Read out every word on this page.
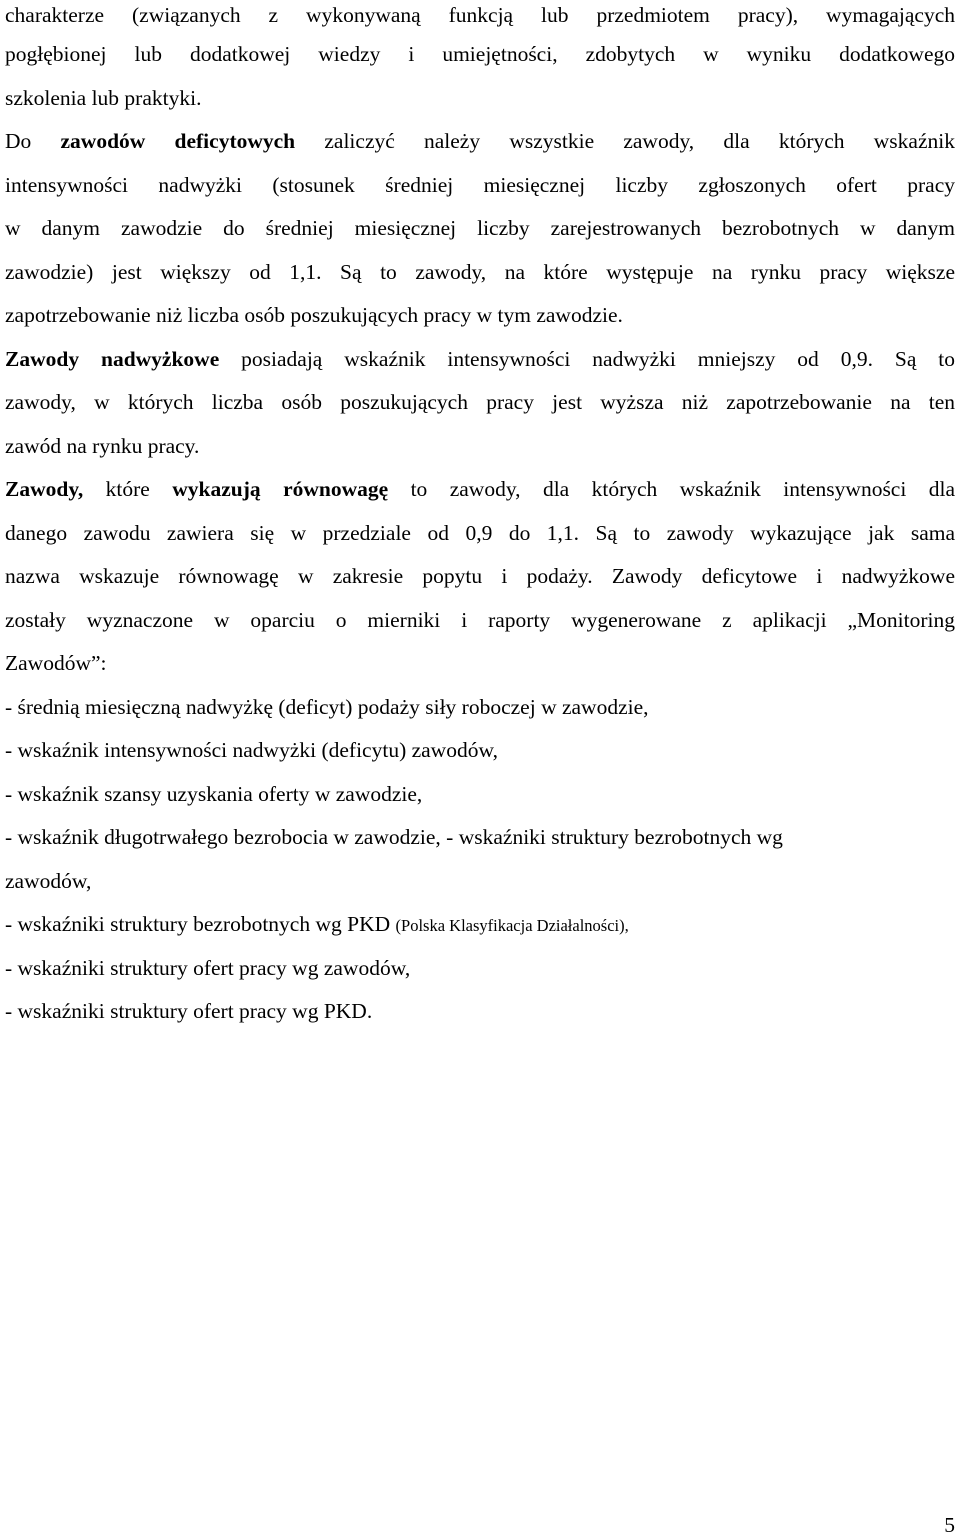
charakterze (związanych z wykonywaną funkcją lub przedmiotem pracy), wymagających
pogłębionej lub dodatkowej wiedzy i umiejętności, zdobytych w wyniku dodatkowego
szkolenia lub praktyki.
Do zawodów deficytowych zaliczyć należy wszystkie zawody, dla których wskaźnik
intensywności nadwyżki (stosunek średniej miesięcznej liczby zgłoszonych ofert pracy
w danym zawodzie do średniej miesięcznej liczby zarejestrowanych bezrobotnych w danym
zawodzie) jest większy od 1,1. Są to zawody, na które występuje na rynku pracy większe
zapotrzebowanie niż liczba osób poszukujących pracy w tym zawodzie.
Zawody nadwyżkowe posiadają wskaźnik intensywności nadwyżki mniejszy od 0,9. Są to
zawody, w których liczba osób poszukujących pracy jest wyższa niż zapotrzebowanie na ten
zawód na rynku pracy.
Zawody, które wykazują równowagę to zawody, dla których wskaźnik intensywności dla
danego zawodu zawiera się w przedziale od 0,9 do 1,1. Są to zawody wykazujące jak sama
nazwa wskazuje równowagę w zakresie popytu i podaży. Zawody deficytowe i nadwyżkowe
zostały wyznaczone w oparciu o mierniki i raporty wygenerowane z aplikacji „Monitoring
Zawodów”:
- średnią miesięczną nadwyżkę (deficyt) podaży siły roboczej w zawodzie,
- wskaźnik intensywności nadwyżki (deficytu) zawodów,
- wskaźnik szansy uzyskania oferty w zawodzie,
- wskaźnik długotrwałego bezrobocia w zawodzie, - wskaźniki struktury bezrobotnych wg
zawodów,
- wskaźniki struktury bezrobotnych wg PKD (Polska Klasyfikacja Działalności),
- wskaźniki struktury ofert pracy wg zawodów,
- wskaźniki struktury ofert pracy wg PKD.
5
